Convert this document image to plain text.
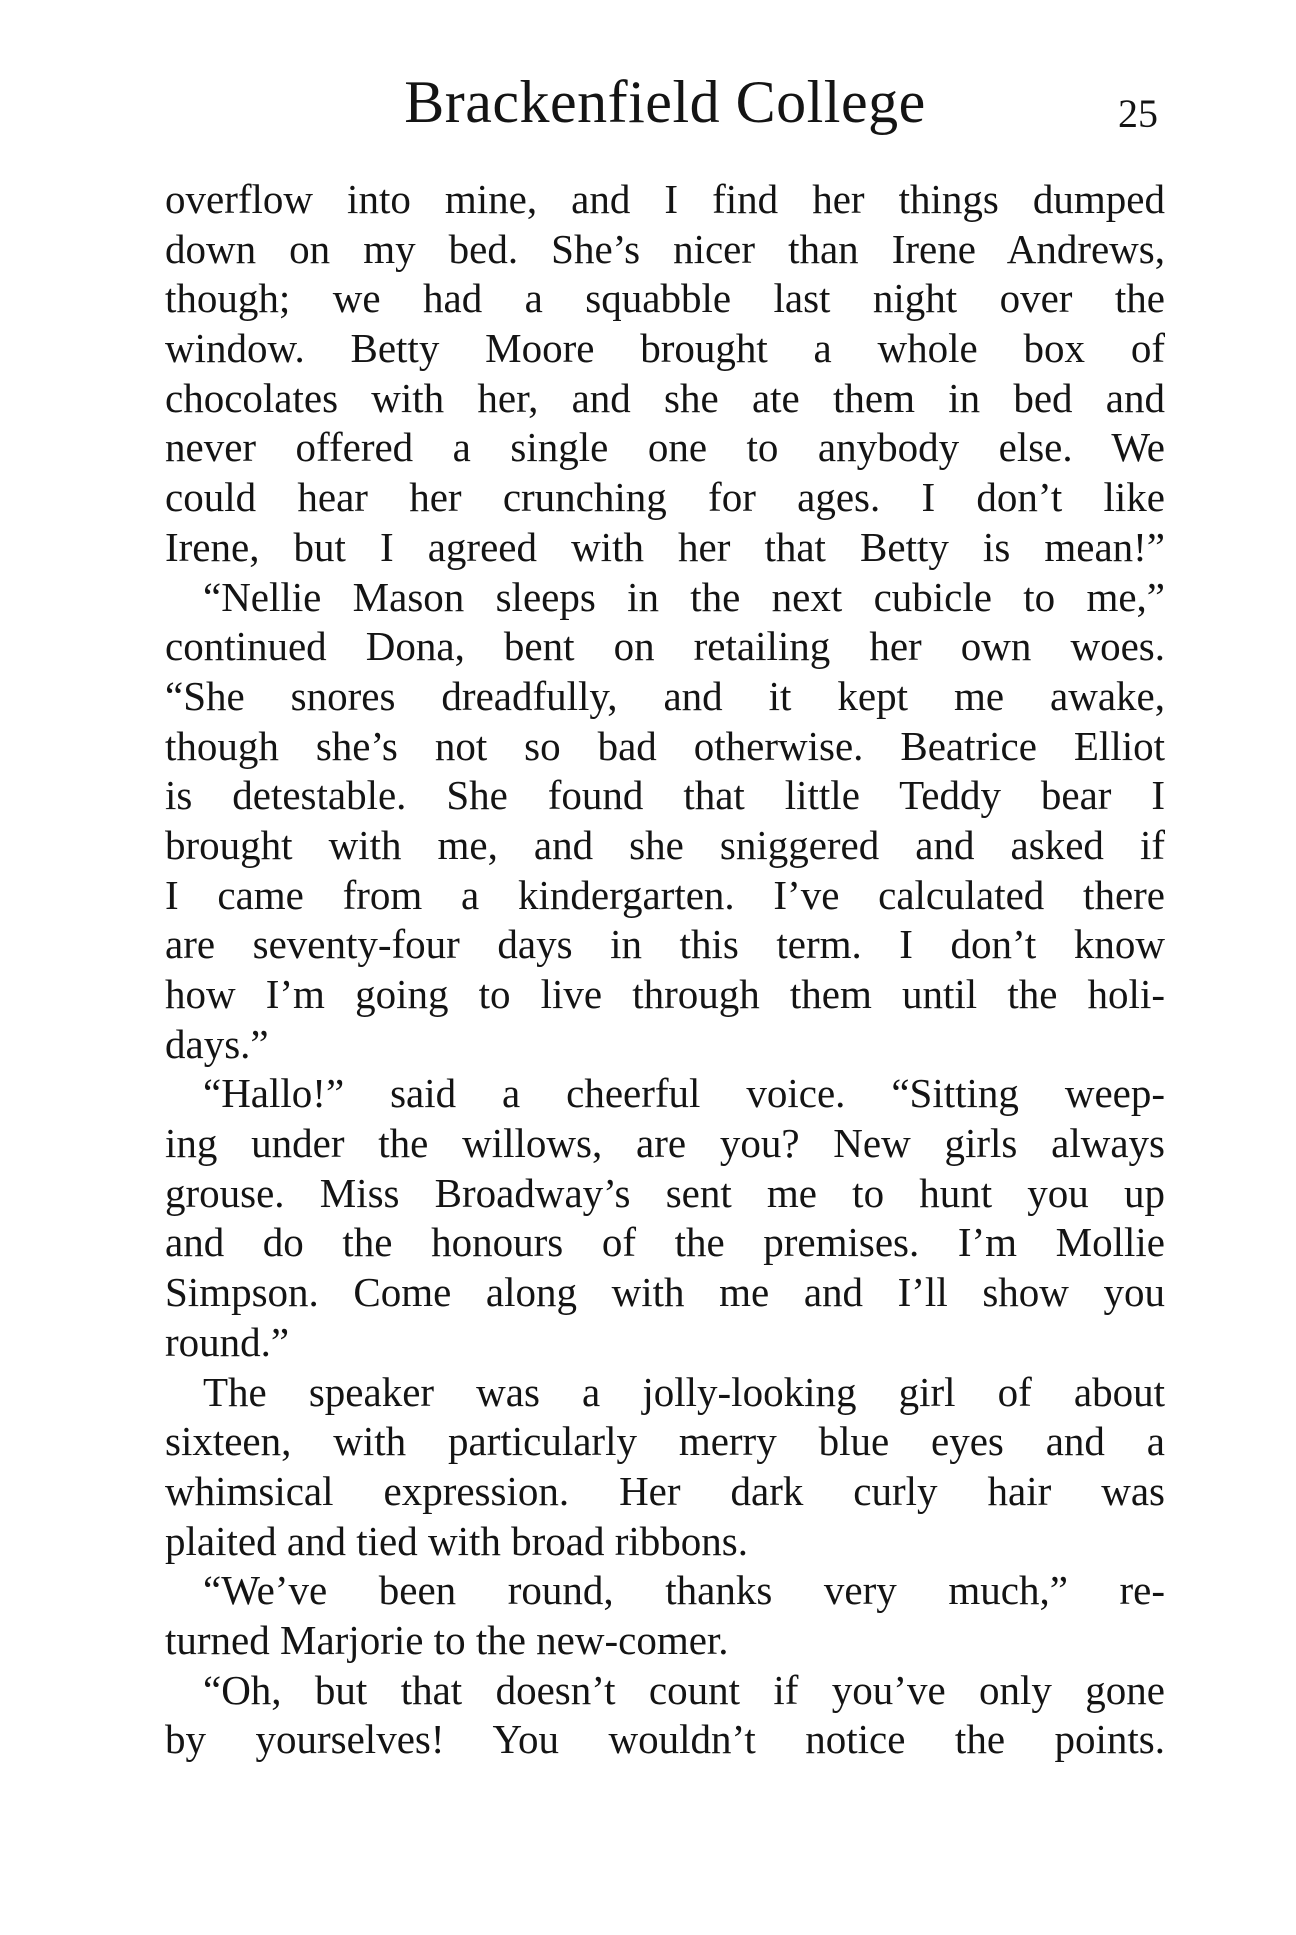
Brackenfield College	25
overflow into mine, and I find her things dumped
down on my bed. She’s nicer than Irene Andrews,
though; we had a squabble last night over the
window. Betty Moore brought a whole box of
chocolates with her, and she ate them in bed and
never offered a single one to anybody else. We
could hear her crunching for ages. I don’t like
Irene, but I agreed with her that Betty is mean!”
“Nellie Mason sleeps in the next cubicle to me,”
continued Dona, bent on retailing her own woes.
“She snores dreadfully, and it kept me awake,
though she’s not so bad otherwise. Beatrice Elliot
is detestable. She found that little Teddy bear I
brought with me, and she sniggered and asked if
I came from a kindergarten. I’ve calculated there
are seventy-four days in this term. I don’t know
how I’m going to live through them until the holi-
days.”
“Hallo!” said a cheerful voice. “Sitting weep-
ing under the willows, are you? New girls always
grouse. Miss Broadway’s sent me to hunt you up
and do the honours of the premises. I’m Mollie
Simpson. Come along with me and I’ll show you
round.”
The speaker was a jolly-looking girl of about
sixteen, with particularly merry blue eyes and a
whimsical expression. Her dark curly hair was
plaited and tied with broad ribbons.
“We’ve been round, thanks very much,” re-
turned Marjorie to the new-comer.
“Oh, but that doesn’t count if you’ve only gone
by yourselves! You wouldn’t notice the points.
